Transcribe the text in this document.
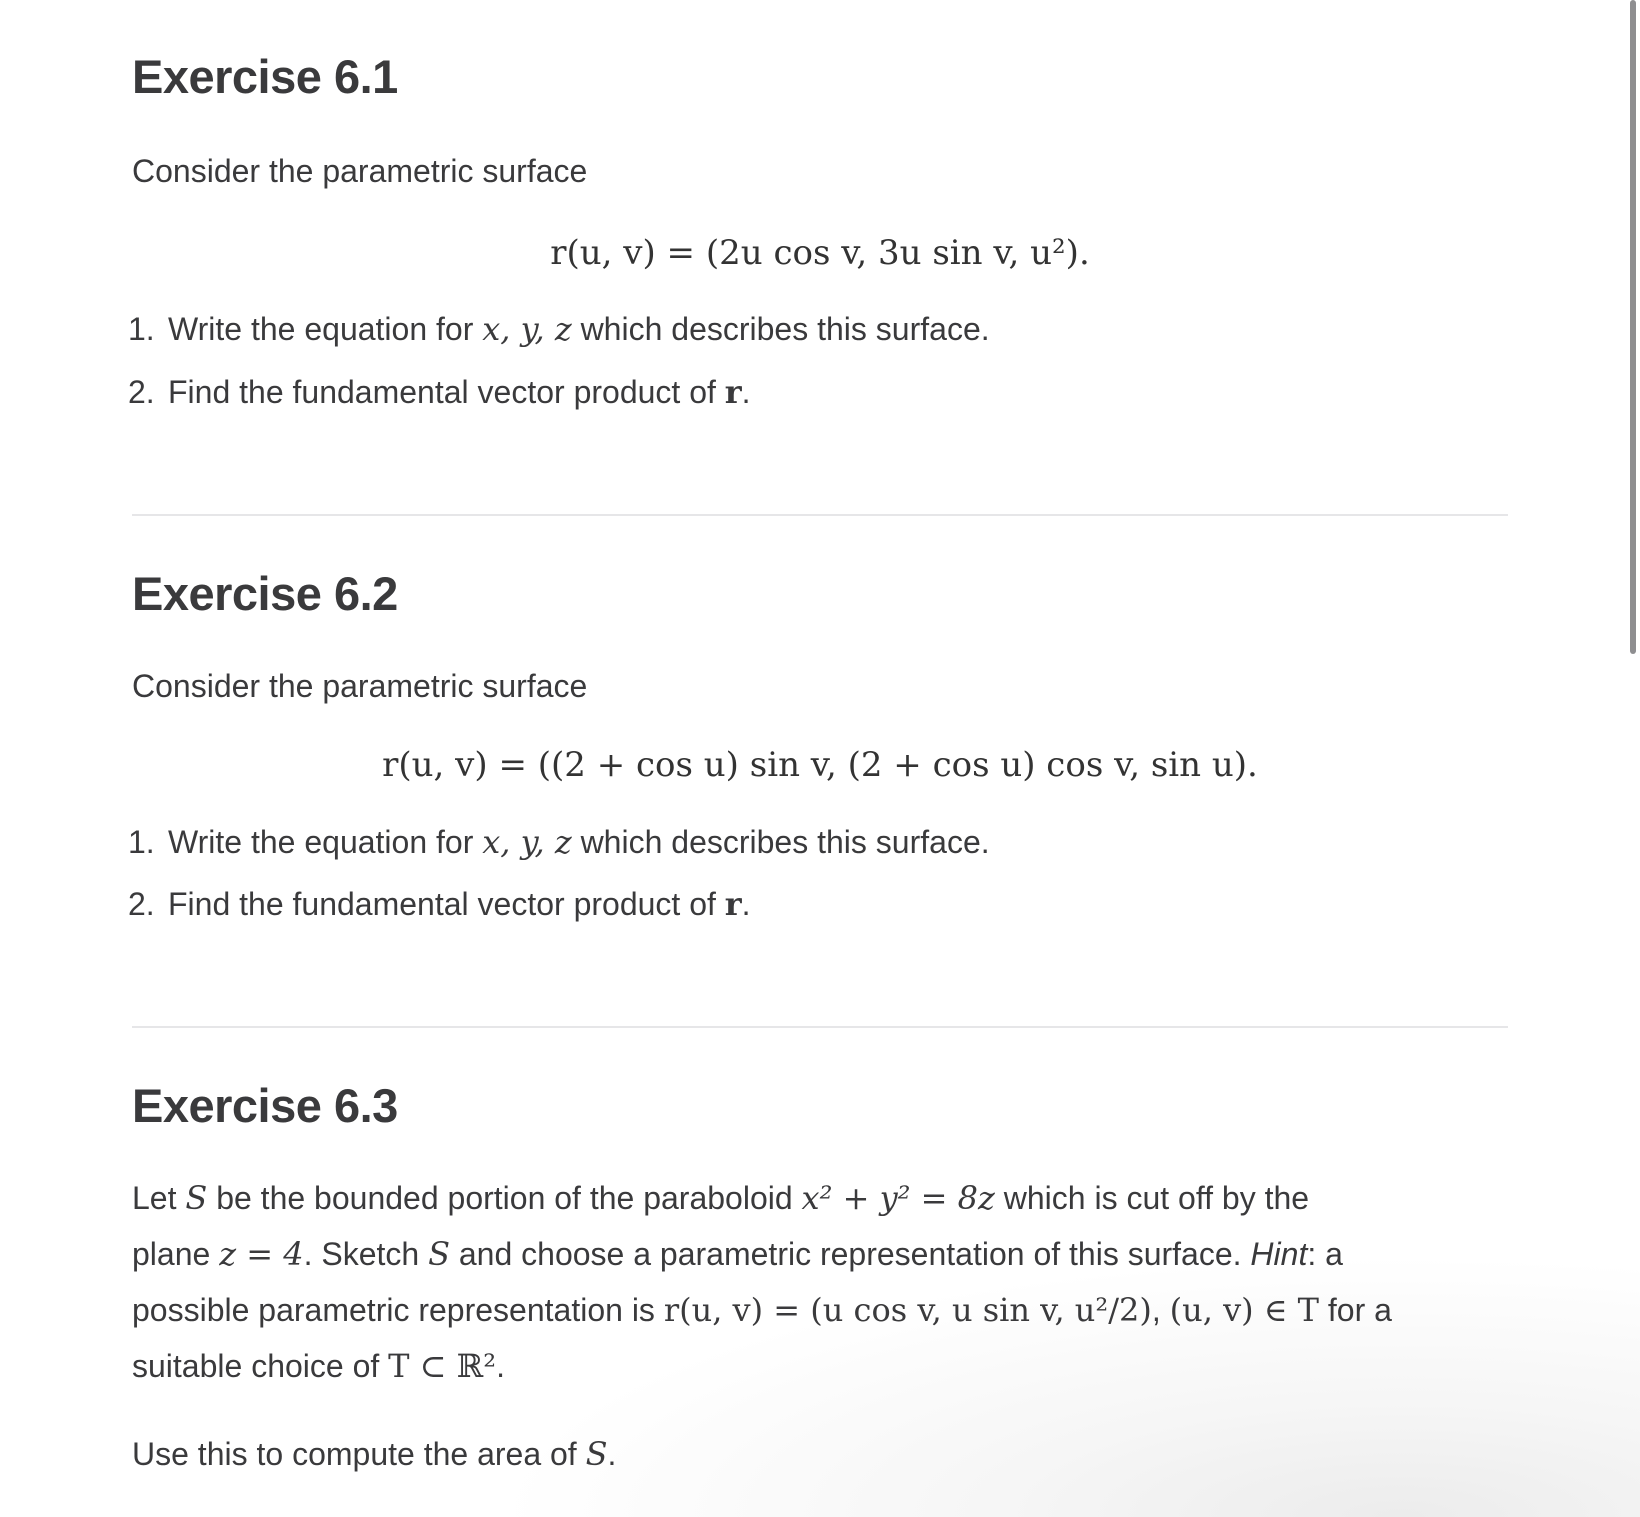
Exercise 6.1

Consider the parametric surface

r(u, v) = (2u cos v, 3u sin v, u²).
1. Write the equation for x, y, z which describes this surface.
2. Find the fundamental vector product of r.
Exercise 6.2

Consider the parametric surface

r(u, v) = ((2 + cos u) sin v, (2 + cos u) cos v, sin u).
1. Write the equation for x, y, z which describes this surface.
2. Find the fundamental vector product of r.
Exercise 6.3

Let S be the bounded portion of the paraboloid x² + y² = 8z which is cut off by the
plane z = 4. Sketch S and choose a parametric representation of this surface. Hint: a
possible parametric representation is r(u, v) = (u cos v, u sin v, u²/2), (u, v) ∈ T for a
suitable choice of T ⊂ ℝ².

Use this to compute the area of S.
